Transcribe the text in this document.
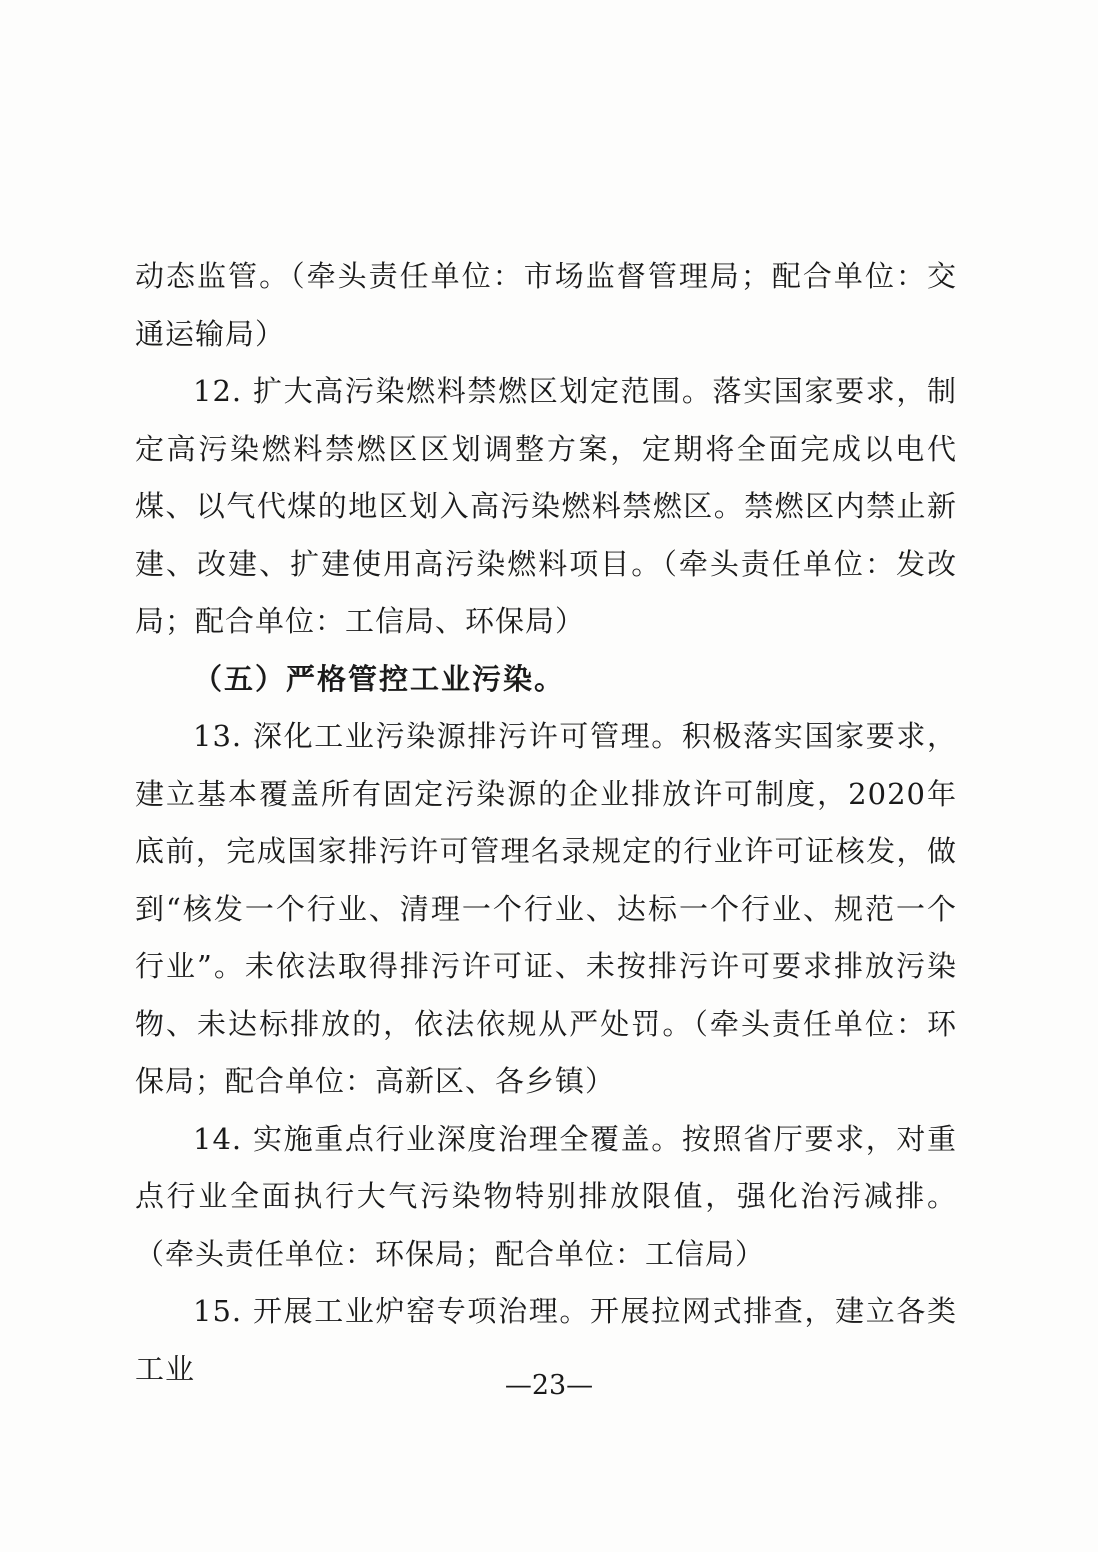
动态监管。（牵头责任单位：市场监督管理局；配合单位：交通运输局）

12. 扩大高污染燃料禁燃区划定范围。落实国家要求，制定高污染燃料禁燃区区划调整方案，定期将全面完成以电代煤、以气代煤的地区划入高污染燃料禁燃区。禁燃区内禁止新建、改建、扩建使用高污染燃料项目。（牵头责任单位：发改局；配合单位：工信局、环保局）

（五）严格管控工业污染。

13. 深化工业污染源排污许可管理。积极落实国家要求，建立基本覆盖所有固定污染源的企业排放许可制度，2020年底前，完成国家排污许可管理名录规定的行业许可证核发，做到“核发一个行业、清理一个行业、达标一个行业、规范一个行业”。未依法取得排污许可证、未按排污许可要求排放污染物、未达标排放的，依法依规从严处罚。（牵头责任单位：环保局；配合单位：高新区、各乡镇）

14. 实施重点行业深度治理全覆盖。按照省厅要求，对重点行业全面执行大气污染物特别排放限值，强化治污减排。（牵头责任单位：环保局；配合单位：工信局）

15. 开展工业炉窑专项治理。开展拉网式排查，建立各类工业	—23—
